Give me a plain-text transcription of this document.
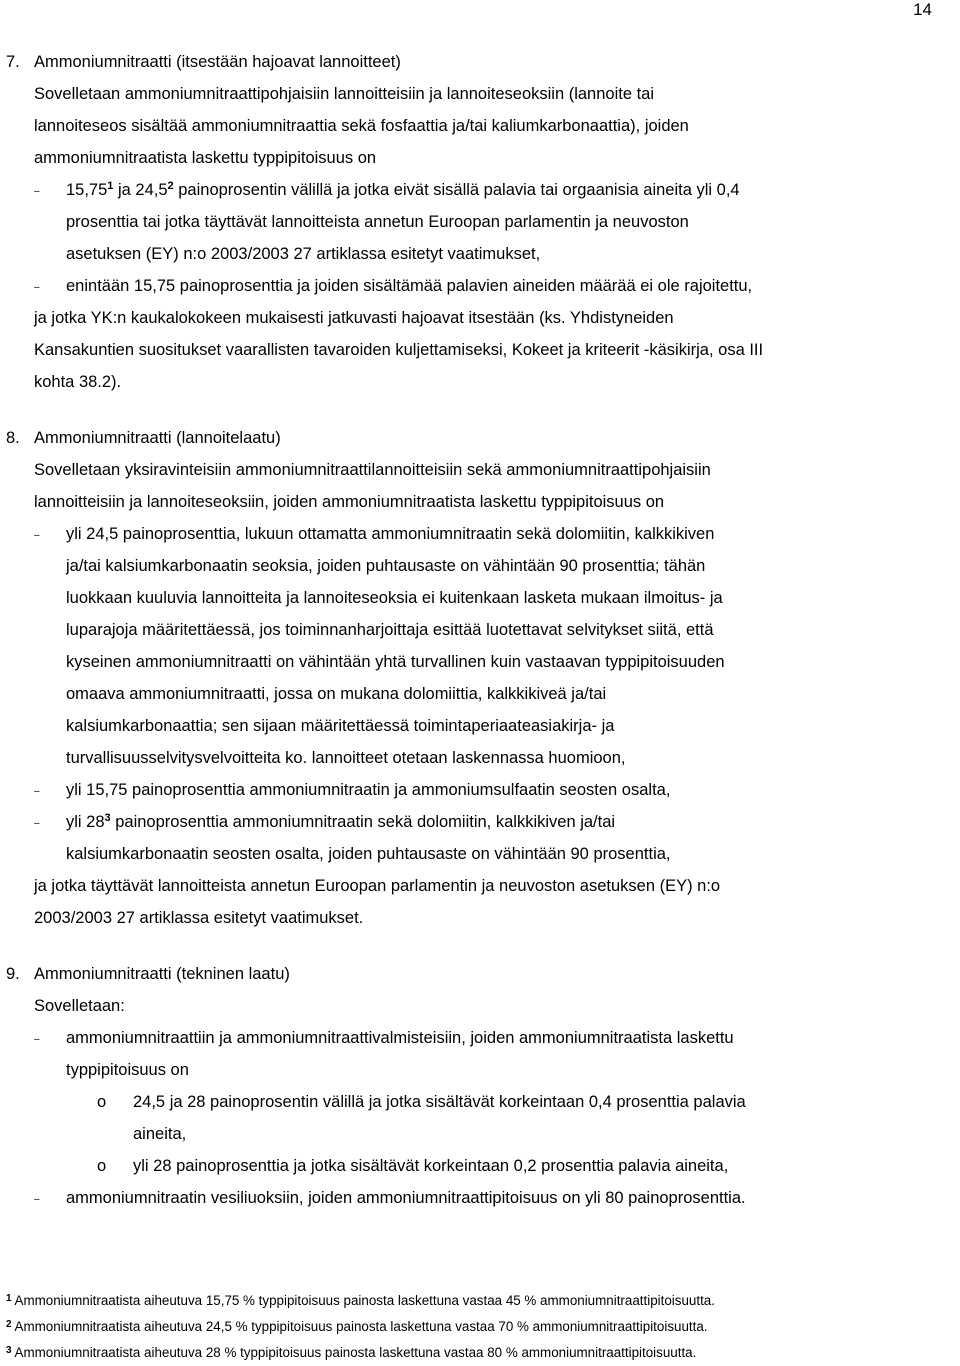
14
7. Ammoniumnitraatti (itsestään hajoavat lannoitteet)
Sovelletaan ammoniumnitraattipohjaisiin lannoitteisiin ja lannoiteseoksiin (lannoite tai
lannoiteseos sisältää ammoniumnitraattia sekä fosfaattia ja/tai kaliumkarbonaattia), joiden
ammoniumnitraatista laskettu typpipitoisuus on
– 15,75$^1$ ja 24,5$^2$ painoprosentin välillä ja jotka eivät sisällä palavia tai orgaanisia aineita yli 0,4
prosenttia tai jotka täyttävät lannoitteista annetun Euroopan parlamentin ja neuvoston
asetuksen (EY) n:o 2003/2003 27 artiklassa esitetyt vaatimukset,
– enintään 15,75 painoprosenttia ja joiden sisältämää palavien aineiden määrää ei ole rajoitettu,
ja jotka YK:n kaukalokokeen mukaisesti jatkuvasti hajoavat itsestään (ks. Yhdistyneiden
Kansakuntien suositukset vaarallisten tavaroiden kuljettamiseksi, Kokeet ja kriteerit -käsikirja, osa III
kohta 38.2).
8. Ammoniumnitraatti (lannoitelaatu)
Sovelletaan yksiravinteisiin ammoniumnitraattilannoitteisiin sekä ammoniumnitraattipohjaisiin
lannoitteisiin ja lannoiteseoksiin, joiden ammoniumnitraatista laskettu typpipitoisuus on
– yli 24,5 painoprosenttia, lukuun ottamatta ammoniumnitraatin sekä dolomiitin, kalkkikiven
ja/tai kalsiumkarbonaatin seoksia, joiden puhtausaste on vähintään 90 prosenttia; tähän
luokkaan kuuluvia lannoitteita ja lannoiteseoksia ei kuitenkaan lasketa mukaan ilmoitus- ja
luparajoja määritettäessä, jos toiminnanharjoittaja esittää luotettavat selvitykset siitä, että
kyseinen ammoniumnitraatti on vähintään yhtä turvallinen kuin vastaavan typpipitoisuuden
omaava ammoniumnitraatti, jossa on mukana dolomiittia, kalkkikiveä ja/tai
kalsiumkarbonaattia; sen sijaan määritettäessä toimintaperiaateasiakirja- ja
turvallisuusselvitysvelvoitteita ko. lannoitteet otetaan laskennassa huomioon,
– yli 15,75 painoprosenttia ammoniumnitraatin ja ammoniumsulfaatin seosten osalta,
– yli $28^3$ painoprosenttia ammoniumnitraatin sekä dolomiitin, kalkkikiven ja/tai
kalsiumkarbonaatin seosten osalta, joiden puhtausaste on vähintään 90 prosenttia,
ja jotka täyttävät lannoitteista annetun Euroopan parlamentin ja neuvoston asetuksen (EY) n:o
2003/2003 27 artiklassa esitetyt vaatimukset.
9. Ammoniumnitraatti (tekninen laatu)
Sovelletaan:
– ammoniumnitraattiin ja ammoniumnitraattivalmisteisiin, joiden ammoniumnitraatista laskettu
typpipitoisuus on
o 24,5 ja 28 painoprosentin välillä ja jotka sisältävät korkeintaan 0,4 prosenttia palavia
aineita,
o yli 28 painoprosenttia ja jotka sisältävät korkeintaan 0,2 prosenttia palavia aineita,
– ammoniumnitraatin vesiliuoksiin, joiden ammoniumnitraattipitoisuus on yli 80 painoprosenttia.
$^1$ Ammoniumnitraatista aiheutuva 15,75 % typpipitoisuus painosta laskettuna vastaa 45 % ammoniumnitraattipitoisuutta.
$^2$ Ammoniumnitraatista aiheutuva 24,5 % typpipitoisuus painosta laskettuna vastaa 70 % ammoniumnitraattipitoisuutta.
$^3$ Ammoniumnitraatista aiheutuva 28 % typpipitoisuus painosta laskettuna vastaa 80 % ammoniumnitraattipitoisuutta.
